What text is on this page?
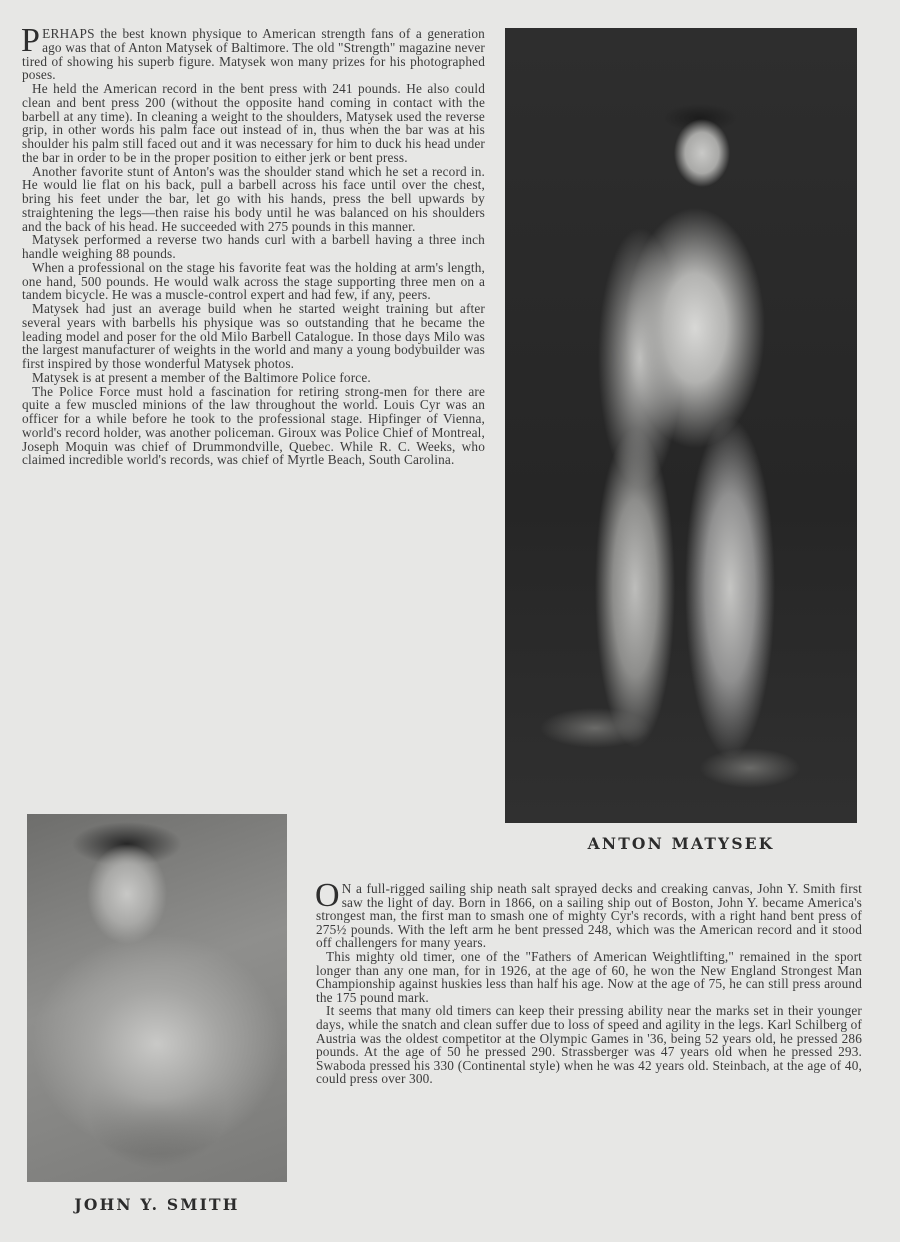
PERHAPS the best known physique to American strength fans of a generation ago was that of Anton Matysek of Baltimore. The old "Strength" magazine never tired of showing his superb figure. Matysek won many prizes for his photographed poses.

He held the American record in the bent press with 241 pounds. He also could clean and bent press 200 (without the opposite hand coming in contact with the barbell at any time). In cleaning a weight to the shoulders, Matysek used the reverse grip, in other words his palm face out instead of in, thus when the bar was at his shoulder his palm still faced out and it was necessary for him to duck his head under the bar in order to be in the proper position to either jerk or bent press.

Another favorite stunt of Anton's was the shoulder stand which he set a record in. He would lie flat on his back, pull a barbell across his face until over the chest, bring his feet under the bar, let go with his hands, press the bell upwards by straightening the legs—then raise his body until he was balanced on his shoulders and the back of his head. He succeeded with 275 pounds in this manner.

Matysek performed a reverse two hands curl with a barbell having a three inch handle weighing 88 pounds.

When a professional on the stage his favorite feat was the holding at arm's length, one hand, 500 pounds. He would walk across the stage supporting three men on a tandem bicycle. He was a muscle-control expert and had few, if any, peers.

Matysek had just an average build when he started weight training but after several years with barbells his physique was so outstanding that he became the leading model and poser for the old Milo Barbell Catalogue. In those days Milo was the largest manufacturer of weights in the world and many a young bodybuilder was first inspired by those wonderful Matysek photos.

Matysek is at present a member of the Baltimore Police force.

The Police Force must hold a fascination for retiring strong-men for there are quite a few muscled minions of the law throughout the world. Louis Cyr was an officer for a while before he took to the professional stage. Hipfinger of Vienna, world's record holder, was another policeman. Giroux was Police Chief of Montreal, Joseph Moquin was chief of Drummondville, Quebec. While R. C. Weeks, who claimed incredible world's records, was chief of Myrtle Beach, South Carolina.

ANTON MATYSEK
JOHN Y. SMITH

O N a full-rigged sailing ship neath salt sprayed decks and creaking canvas, John Y. Smith first saw the light of day. Born in 1866, on a sailing ship out of Boston, John Y. became America's strongest man, the first man to smash one of mighty Cyr's records, with a right hand bent press of 275½ pounds. With the left arm he bent pressed 248, which was the American record and it stood off challengers for many years.

This mighty old timer, one of the "Fathers of American Weightlifting," remained in the sport longer than any one man, for in 1926, at the age of 60, he won the New England Strongest Man Championship against huskies less than half his age. Now at the age of 75, he can still press around the 175 pound mark.

It seems that many old timers can keep their pressing ability near the marks set in their younger days, while the snatch and clean suffer due to loss of speed and agility in the legs. Karl Schilberg of Austria was the oldest competitor at the Olympic Games in '36, being 52 years old, he pressed 286 pounds. At the age of 50 he pressed 290. Strassberger was 47 years old when he pressed 293. Swaboda pressed his 330 (Continental style) when he was 42 years old. Steinbach, at the age of 40, could press over 300.
